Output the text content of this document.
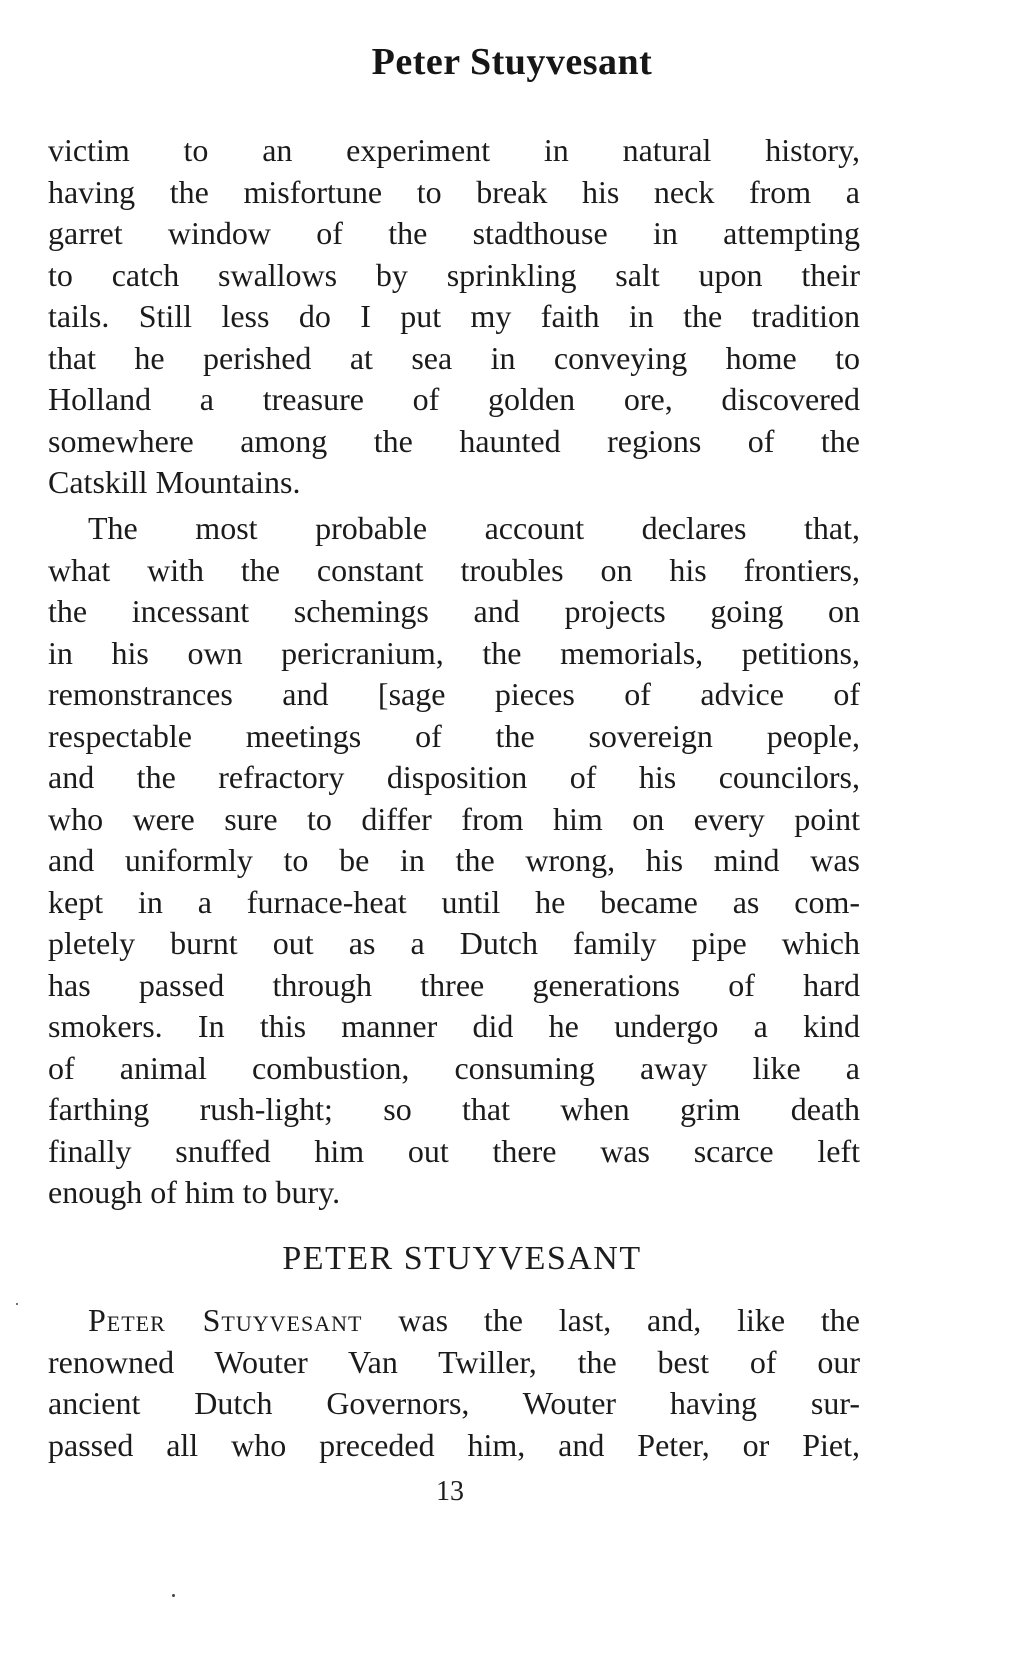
Peter Stuyvesant
victim to an experiment in natural history,
having the misfortune to break his neck from a
garret window of the stadthouse in attempting
to catch swallows by sprinkling salt upon their
tails. Still less do I put my faith in the tradition
that he perished at sea in conveying home to
Holland a treasure of golden ore, discovered
somewhere among the haunted regions of the
Catskill Mountains.
The most probable account declares that,
what with the constant troubles on his frontiers,
the incessant schemings and projects going on
in his own pericranium, the memorials, petitions,
remonstrances and [sage pieces of advice of
respectable meetings of the sovereign people,
and the refractory disposition of his councilors,
who were sure to differ from him on every point
and uniformly to be in the wrong, his mind was
kept in a furnace-heat until he became as com-
pletely burnt out as a Dutch family pipe which
has passed through three generations of hard
smokers. In this manner did he undergo a kind
of animal combustion, consuming away like a
farthing rush-light; so that when grim death
finally snuffed him out there was scarce left
enough of him to bury.
PETER STUYVESANT
Peter Stuyvesant was the last, and, like the
renowned Wouter Van Twiller, the best of our
ancient Dutch Governors, Wouter having sur-
passed all who preceded him, and Peter, or Piet,
13
